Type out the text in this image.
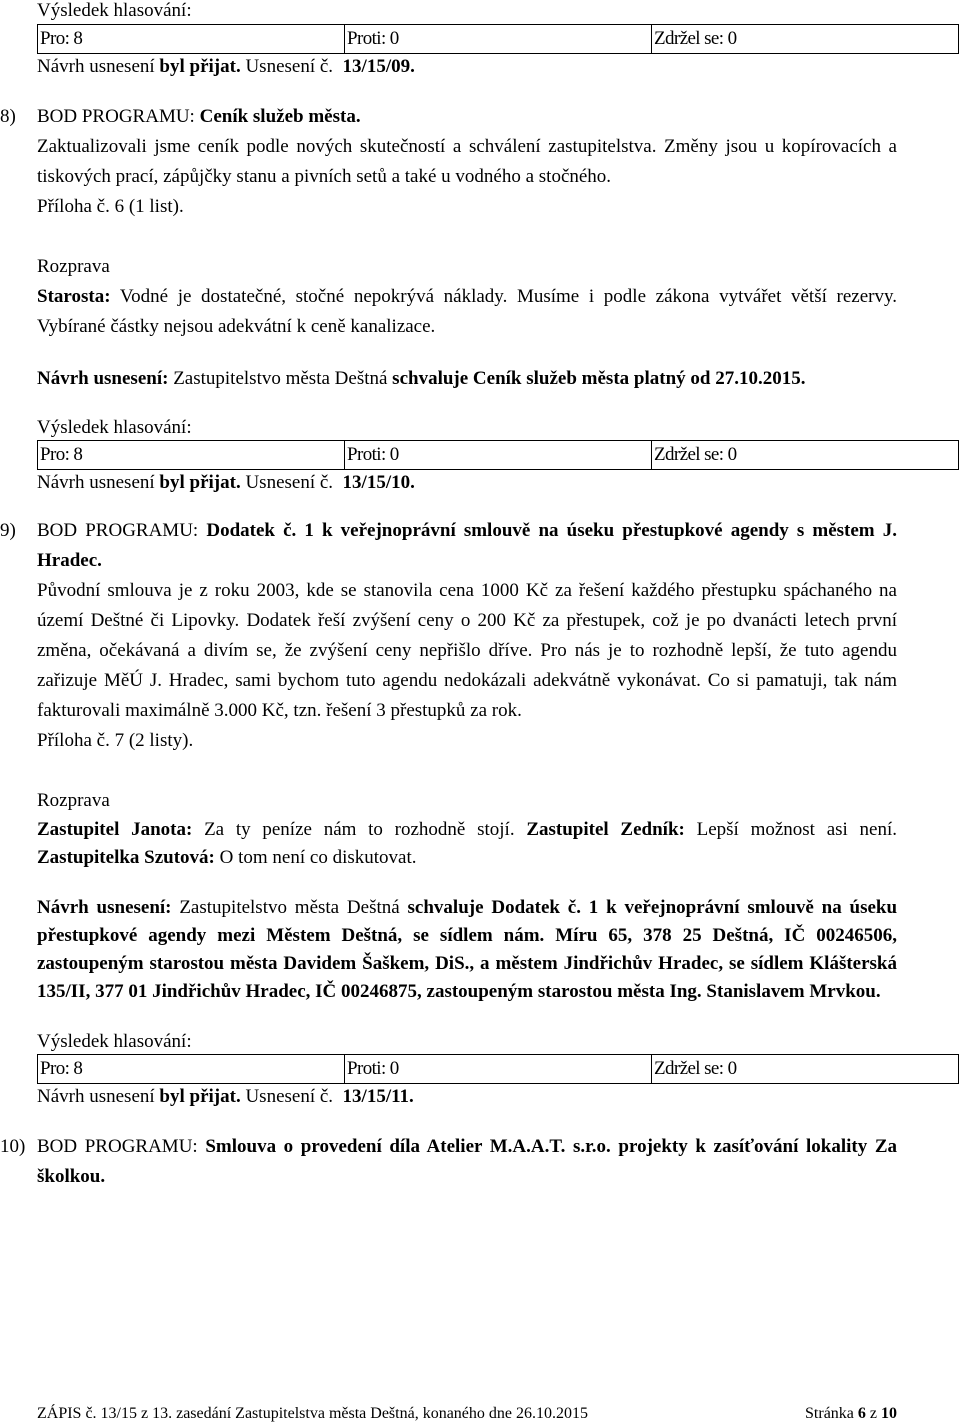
Výsledek hlasování:
Pro: 8	Proti: 0	Zdržel se: 0

Návrh usnesení byl přijat. Usnesení č. 13/15/09.

8)	BOD PROGRAMU: Ceník služeb města.

Zaktualizovali jsme ceník podle nových skutečností a schválení zastupitelstva. Změny jsou u kopírovacích a tiskových prací, zápůjčky stanu a pivních setů a také u vodného a stočného.

Příloha č. 6 (1 list).

Rozprava

Starosta: Vodné je dostatečné, stočné nepokrývá náklady. Musíme i podle zákona vytvářet větší rezervy. Vybírané částky nejsou adekvátní k ceně kanalizace.

Návrh usnesení: Zastupitelstvo města Deštná schvaluje Ceník služeb města platný od 27.10.2015.

Výsledek hlasování:
Pro: 8	Proti: 0	Zdržel se: 0

Návrh usnesení byl přijat. Usnesení č. 13/15/10.

9) BOD PROGRAMU: Dodatek č. 1 k veřejnoprávní smlouvě na úseku přestupkové agendy s městem J. Hradec.

Původní smlouva je z roku 2003, kde se stanovila cena 1000 Kč za řešení každého přestupku spáchaného na území Deštné či Lipovky. Dodatek řeší zvýšení ceny o 200 Kč za přestupek, což je po dvanácti letech první změna, očekávaná a divím se, že zvýšení ceny nepřišlo dříve. Pro nás je to rozhodně lepší, že tuto agendu zařizuje MěÚ J. Hradec, sami bychom tuto agendu nedokázali adekvátně vykonávat. Co si pamatuji, tak nám fakturovali maximálně 3.000 Kč, tzn. řešení 3 přestupků za rok.

Příloha č. 7 (2 listy).

Rozprava

Zastupitel Janota: Za ty peníze nám to rozhodně stojí. Zastupitel Zedník: Lepší možnost asi není. Zastupitelka Szutová: O tom není co diskutovat.

Návrh usnesení: Zastupitelstvo města Deštná schvaluje Dodatek č. 1 k veřejnoprávní smlouvě na úseku přestupkové agendy mezi Městem Deštná, se sídlem nám. Míru 65, 378 25 Deštná, IČ 00246506, zastoupeným starostou města Davidem Šaškem, DiS., a městem Jindřichův Hradec, se sídlem Klášterská 135/II, 377 01 Jindřichův Hradec, IČ 00246875, zastoupeným starostou města Ing. Stanislavem Mrvkou.

Výsledek hlasování:
Pro: 8	Proti: 0	Zdržel se: 0

Návrh usnesení byl přijat. Usnesení č. 13/15/11.

10) BOD PROGRAMU: Smlouva o provedení díla Atelier M.A.A.T. s.r.o. projekty k zasíťování lokality Za školkou.
ZÁPIS č. 13/15 z 13. zasedání Zastupitelstva města Deštná, konaného dne 26.10.2015	Stránka 6 z 10
